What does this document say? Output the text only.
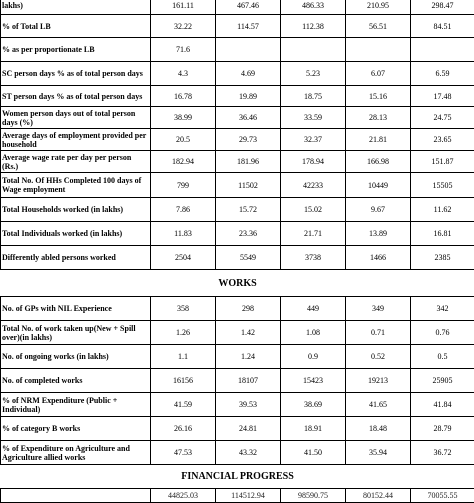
lakhs)	161.11	467.46	486.33	210.95	298.47
% of Total LB	32.22	114.57	112.38	56.51	84.51
% as per proportionate LB	71.6				
SC person days % as of total person days	4.3	4.69	5.23	6.07	6.59
ST person days % as of total person days	16.78	19.89	18.75	15.16	17.48
Women person days out of total person days (%)	38.99	36.46	33.59	28.13	24.75
Average days of employment provided per household	20.5	29.73	32.37	21.81	23.65
Average wage rate per day per person (Rs.)	182.94	181.96	178.94	166.98	151.87
Total No. Of HHs Completed 100 days of Wage employment	799	11502	42233	10449	15505
Total Households worked (in lakhs)	7.86	15.72	15.02	9.67	11.62
Total Individuals worked (in lakhs)	11.83	23.36	21.71	13.89	16.81
Differently abled persons worked	2504	5549	3738	1466	2385
WORKS					
No. of GPs with NIL Experience	358	298	449	349	342
Total No. of work taken up(New + Spill over)(in lakhs)	1.26	1.42	1.08	0.71	0.76
No. of ongoing works (in lakhs)	1.1	1.24	0.9	0.52	0.5
No. of completed works	16156	18107	15423	19213	25905
% of NRM Expenditure (Public + Individual)	41.59	39.53	38.69	41.65	41.84
% of category B works	26.16	24.81	18.91	18.48	28.79
% of Expenditure on Agriculture and Agriculture allied works	47.53	43.32	41.50	35.94	36.72
FINANCIAL PROGRESS					
	44825.03	114512.94	98590.75	80152.44	70055.55
